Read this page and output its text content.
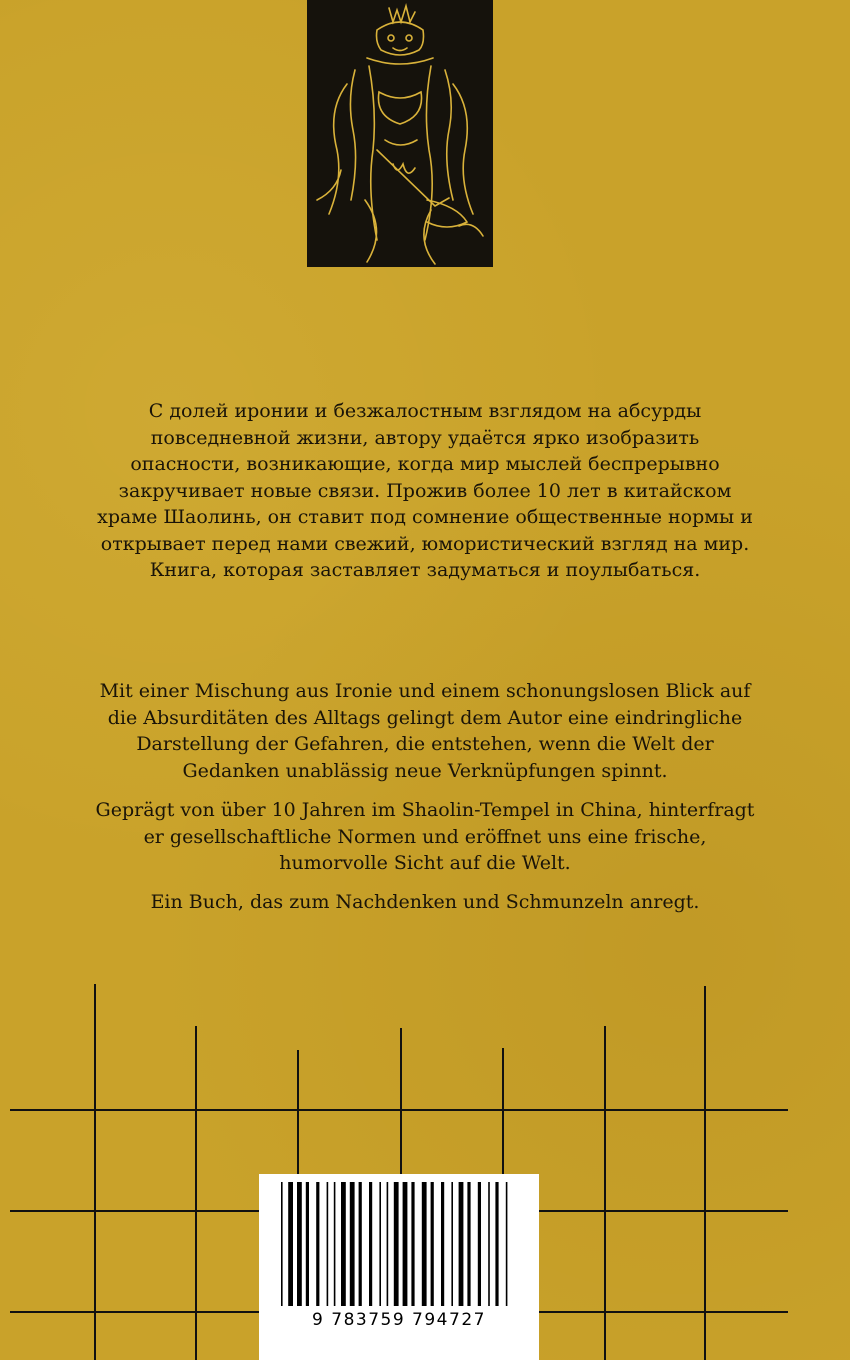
С долей иронии и безжалостным взглядом на абсурды повседневной жизни, автору удаётся ярко изобразить опасности, возникающие, когда мир мыслей беспрерывно закручивает новые связи. Прожив более 10 лет в китайском храме Шаолинь, он ставит под сомнение общественные нормы и открывает перед нами свежий, юмористический взгляд на мир. Книга, которая заставляет задуматься и поулыбаться.

Mit einer Mischung aus Ironie und einem schonungslosen Blick auf die Absurditäten des Alltags gelingt dem Autor eine eindringliche Darstellung der Gefahren, die entstehen, wenn die Welt der Gedanken unablässig neue Verknüpfungen spinnt.

Geprägt von über 10 Jahren im Shaolin-Tempel in China, hinterfragt er gesellschaftliche Normen und eröffnet uns eine frische, humorvolle Sicht auf die Welt.

Ein Buch, das zum Nachdenken und Schmunzeln anregt.

9 783759 794727
